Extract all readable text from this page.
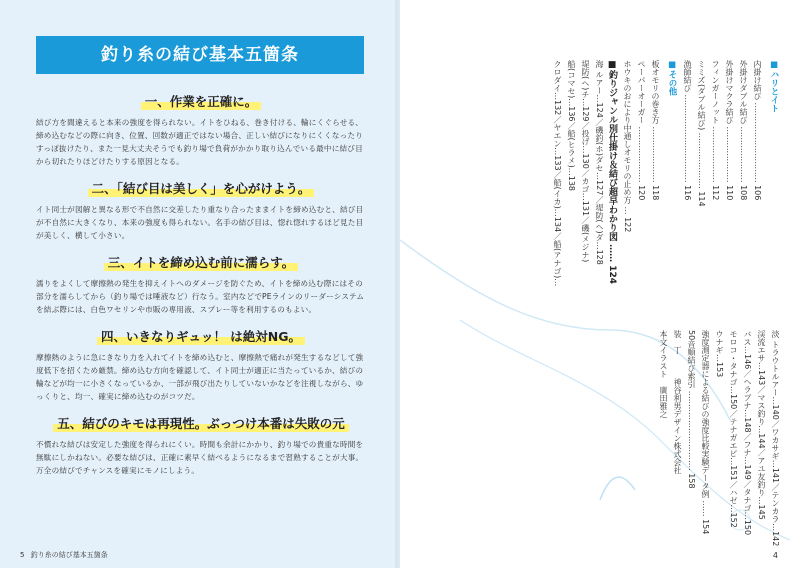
釣り糸の結び基本五箇条
一、作業を正確に。
結び方を間違えると本来の強度を得られない。イトをひねる、巻き付ける、輪にくぐらせる、締め込むなどの際に向き、位置、回数が適正ではない場合、正しい結びになりにくくなったりすっぽ抜けたり、また一見大丈夫そうでも釣り場で負荷がかかり取り込んでいる最中に結び目から切れたりほどけたりする原因となる。
二、「結び目は美しく」を心がけよう。
イト同士が図解と異なる形で不自然に交差したり重なり合ったままイトを締め込むと、結び目が不自然に大きくなり、本来の強度も得られない。名手の結び目は、惚れ惚れするほど見た目が美しく、横して小さい。
三、イトを締め込む前に濡らす。
濡りをよくして摩擦熱の発生を抑えイトへのダメージを防ぐため、イトを締め込む際にはその部分を濡らしてから（釣り場では唾液など）行なう。室内などでPEラインのリーダーシステムを結ぶ際には、白色ワセリンや市販の専用液、スプレー等を利用するのもよい。
四、いきなりギュッ！ は絶対NG。
摩擦熱のように急にきなり力を入れてイトを締め込むと、摩擦熱で痛れが発生するなどして強度低下を招くため厳禁。締め込む方向を確認して、イト同士が適正に当たっているか、結びの輪などが均一に小さくなっているか、一部が飛び出たりしていないかなどを注視しながら、ゆっくりと、均一、確実に締め込むのがコツだ。
五、結びのキモは再現性。ぶっつけ本番は失敗の元
不慣れな結びは安定した強度を得られにくい。時間も余計にかかり、釣り場での貴重な時間を無駄にしかねない。必要な結びは、正確に素早く結べるようになるまで習熟することが大事。万全の結びでチャンスを確実にモノにしよう。
5 釣り糸の結び基本五箇条
■ハリとイト
内掛け結び ………………………… 106
外掛けダブル結び ………………… 108
外掛けマクラ結び ………………… 110
フィンガーノット ………………… 112
ミミズ(ダブル結び) ………………… 114
漁師結び …………………………… 116
■その他
板オモリの巻き方 ………………… 118
ペーパーオーガー ………………… 120
ホウキのおにより中通しオモリの止め方 … 122
■釣りジャンル別仕掛け＆結び超早わかり図 …… 124
海 ルアー…124／磯釣(ホ)ダセ…127／堤防(ヘ)ダ…128
堤防(ヘ)チ…129／投げ…130／カゴ…131／磯(メジナ)
船(コマセ)…136／船(ヒラメ)…138
クロダイ…132／ヤエン…133／船(イカ)…134／船(アナゴ)…
淡 トラウトルアー…140／ワカサギ…141／テンカラ…142
渓流エサ…143／マス釣り…144／アユ友釣り…145
バス…146／ヘラブナ…148／フナ…149／タナゴ…150
モロコ・タナゴ…150／テナガエビ…151／ハゼ…152
ウナギ…153
強度測定器による結びの強度比較実験データ例 …… 154
50音順結び索引 ………………………… 158
装　丁　　　神谷利男デザイン株式会社
本文イラスト　廣田雅之
4
